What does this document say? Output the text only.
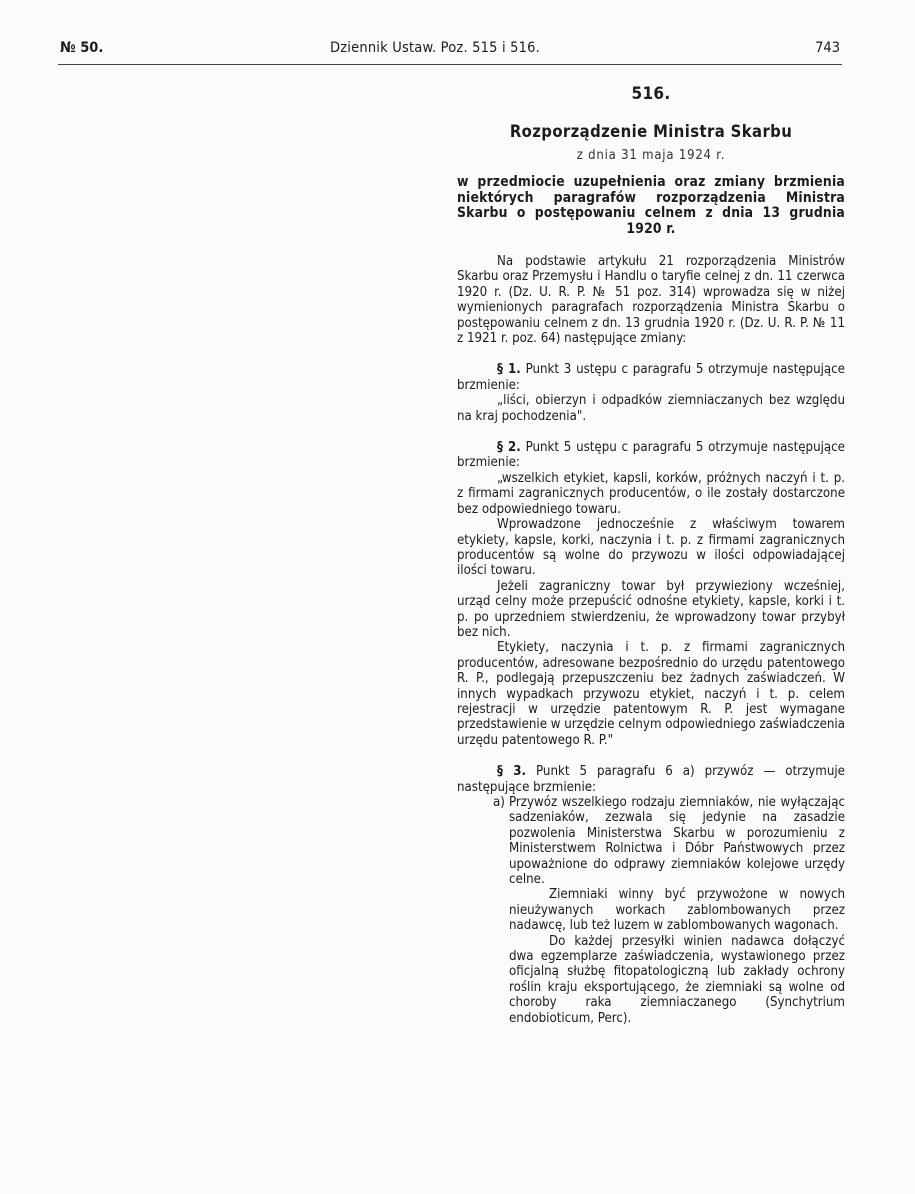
№ 50.	Dziennik Ustaw. Poz. 515 i 516.	743
516.
Rozporządzenie Ministra Skarbu
z dnia 31 maja 1924 r.
w przedmiocie uzupełnienia oraz zmiany brzmienia niektórych paragrafów rozporządzenia Ministra Skarbu o postępowaniu celnem z dnia 13 grudnia 1920 r.

Na podstawie artykułu 21 rozporządzenia Ministrów Skarbu oraz Przemysłu i Handlu o taryfie celnej z dn. 11 czerwca 1920 r. (Dz. U. R. P. № 51 poz. 314) wprowadza się w niżej wymienionych paragrafach rozporządzenia Ministra Skarbu o postępowaniu celnem z dn. 13 grudnia 1920 r. (Dz. U. R. P. № 11 z 1921 r. poz. 64) następujące zmiany:

§ 1. Punkt 3 ustępu c paragrafu 5 otrzymuje następujące brzmienie:

„liści, obierzyn i odpadków ziemniaczanych bez względu na kraj pochodzenia".

§ 2. Punkt 5 ustępu c paragrafu 5 otrzymuje następujące brzmienie:

„wszelkich etykiet, kapsli, korków, próżnych naczyń i t. p. z firmami zagranicznych producentów, o ile zostały dostarczone bez odpowiedniego towaru.

Wprowadzone jednocześnie z właściwym towarem etykiety, kapsle, korki, naczynia i t. p. z firmami zagranicznych producentów są wolne do przywozu w ilości odpowiadającej ilości towaru.

Jeżeli zagraniczny towar był przywieziony wcześniej, urząd celny może przepuścić odnośne etykiety, kapsle, korki i t. p. po uprzedniem stwierdzeniu, że wprowadzony towar przybył bez nich.

Etykiety, naczynia i t. p. z firmami zagranicznych producentów, adresowane bezpośrednio do urzędu patentowego R. P., podlegają przepuszczeniu bez żadnych zaświadczeń. W innych wypadkach przywozu etykiet, naczyń i t. p. celem rejestracji w urzędzie patentowym R. P. jest wymagane przedstawienie w urzędzie celnym odpowiedniego zaświadczenia urzędu patentowego R. P."

§ 3. Punkt 5 paragrafu 6 a) przywóz — otrzymuje następujące brzmienie:

a) Przywóz wszelkiego rodzaju ziemniaków, nie wyłączając sadzeniaków, zezwala się jedynie na zasadzie pozwolenia Ministerstwa Skarbu w porozumieniu z Ministerstwem Rolnictwa i Dóbr Państwowych przez upoważnione do odprawy ziemniaków kolejowe urzędy celne.

Ziemniaki winny być przywożone w nowych nieużywanych workach zablombowanych przez nadawcę, lub też luzem w zablombowanych wagonach.

Do każdej przesyłki winien nadawca dołączyć dwa egzemplarze zaświadczenia, wystawionego przez oficjalną służbę fitopatologiczną lub zakłady ochrony roślin kraju eksportującego, że ziemniaki są wolne od choroby raka ziemniaczanego (Synchytrium endobioticum, Perc).
